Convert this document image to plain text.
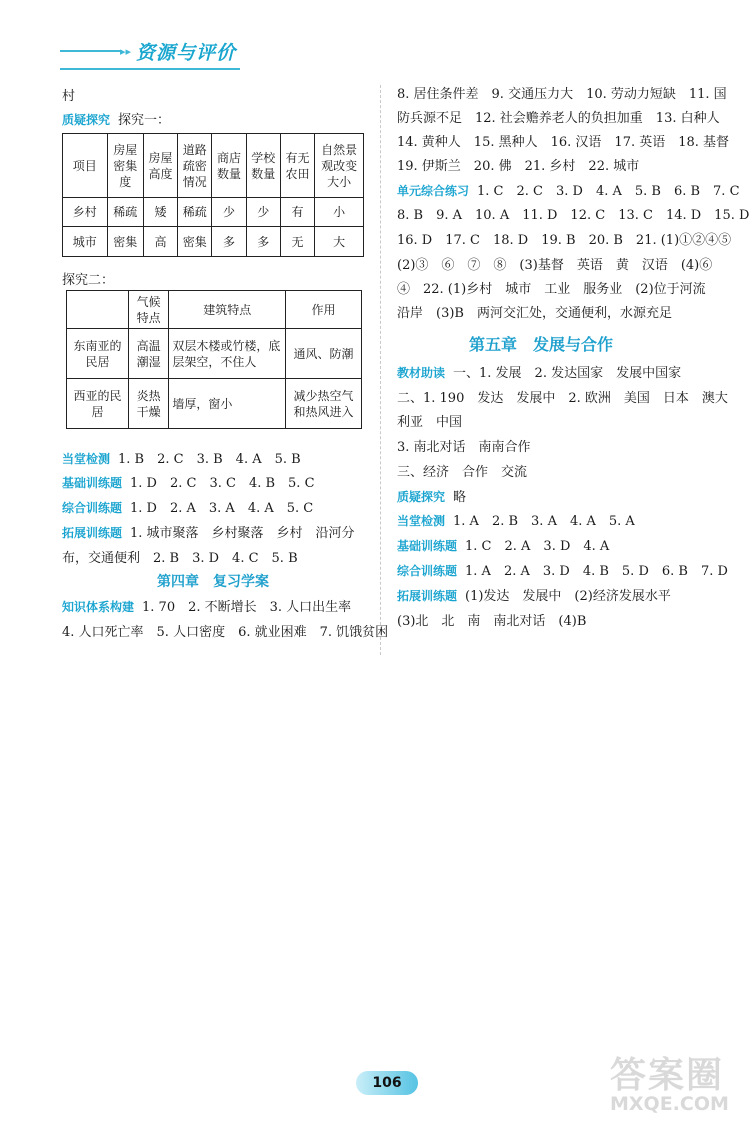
▸▸ 资源与评价
村
质疑探究 探究一：
项目	房屋密集度	房屋高度	道路疏密情况	商店数量	学校数量	有无农田	自然景观改变大小
乡村	稀疏	矮	稀疏	少	少	有	小
城市	密集	高	密集	多	多	无	大
探究二：
	气候特点	建筑特点	作用
东南亚的民居	高温潮湿	双层木楼或竹楼，底层架空，不住人	通风、防潮
西亚的民居	炎热干燥	墙厚，窗小	减少热空气和热风进入
当堂检测 1. B　2. C　3. B　4. A　5. B
基础训练题 1. D　2. C　3. C　4. B　5. C
综合训练题 1. D　2. A　3. A　4. A　5. C
拓展训练题 1. 城市聚落　乡村聚落　乡村　沿河分
布，交通便利　2. B　3. D　4. C　5. B
第四章　复习学案
知识体系构建 1. 70　2. 不断增长　3. 人口出生率
4. 人口死亡率　5. 人口密度　6. 就业困难　7. 饥饿贫困
8. 居住条件差　9. 交通压力大　10. 劳动力短缺　11. 国
防兵源不足　12. 社会赡养老人的负担加重　13. 白种人
14. 黄种人　15. 黑种人　16. 汉语　17. 英语　18. 基督
19. 伊斯兰　20. 佛　21. 乡村　22. 城市
单元综合练习 1. C　2. C　3. D　4. A　5. B　6. B　7. C
8. B　9. A　10. A　11. D　12. C　13. C　14. D　15. D
16. D　17. C　18. D　19. B　20. B　21. (1)①②④⑤
(2)③　⑥　⑦　⑧　(3)基督　英语　黄　汉语　(4)⑥
④　22. (1)乡村　城市　工业　服务业　(2)位于河流
沿岸　(3)B　两河交汇处，交通便利，水源充足
第五章　发展与合作
教材助读 一、1. 发展　2. 发达国家　发展中国家
二、1. 190　发达　发展中　2. 欧洲　美国　日本　澳大
利亚　中国
3. 南北对话　南南合作
三、经济　合作　交流
质疑探究 略
当堂检测 1. A　2. B　3. A　4. A　5. A
基础训练题 1. C　2. A　3. D　4. A
综合训练题 1. A　2. A　3. D　4. B　5. D　6. B　7. D
拓展训练题 (1)发达　发展中　(2)经济发展水平
(3)北　北　南　南北对话　(4)B
106	答案圈
MXQE.COM
